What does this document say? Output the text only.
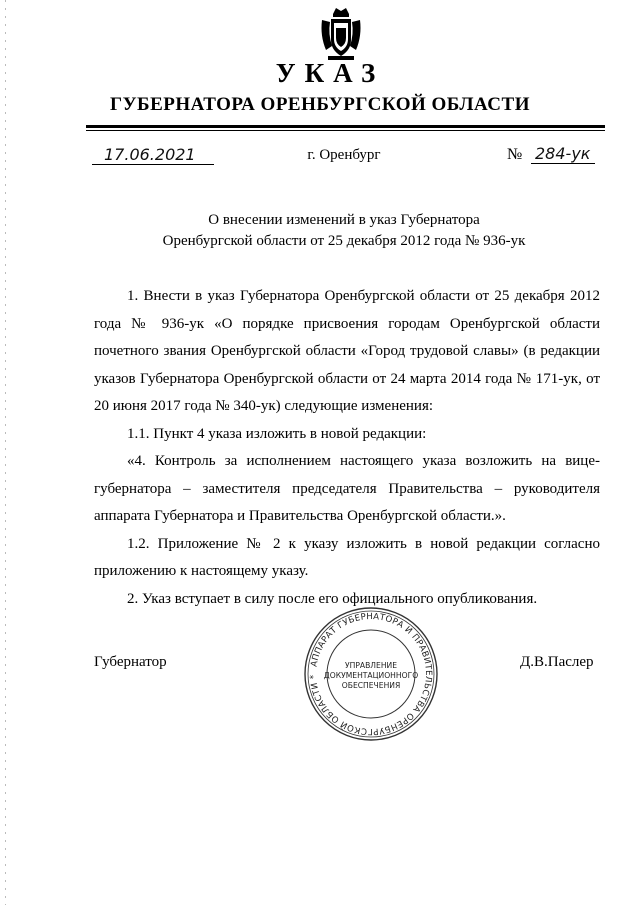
УКАЗ
ГУБЕРНАТОРА ОРЕНБУРГСКОЙ ОБЛАСТИ
17.06.2021	г. Оренбург	№ 284-ук
О внесении изменений в указ Губернатора
Оренбургской области от 25 декабря 2012 года № 936-ук

1. Внести в указ Губернатора Оренбургской области от 25 декабря 2012 года № 936-ук «О порядке присвоения городам Оренбургской области почетного звания Оренбургской области «Город трудовой славы» (в редакции указов Губернатора Оренбургской области от 24 марта 2014 года № 171-ук, от 20 июня 2017 года № 340-ук) следующие изменения:

1.1. Пункт 4 указа изложить в новой редакции:

«4. Контроль за исполнением настоящего указа возложить на вице-губернатора – заместителя председателя Правительства – руководителя аппарата Губернатора и Правительства Оренбургской области.».

1.2. Приложение № 2 к указу изложить в новой редакции согласно приложению к настоящему указу.

2. Указ вступает в силу после его официального опубликования.

Губернатор	Д.В.Паслер
АППАРАТ ГУБЕРНАТОРА И ПРАВИТЕЛЬСТВА ОРЕНБУРГСКОЙ ОБЛАСТИ *
УПРАВЛЕНИЕ
ДОКУМЕНТАЦИОННОГО
ОБЕСПЕЧЕНИЯ
